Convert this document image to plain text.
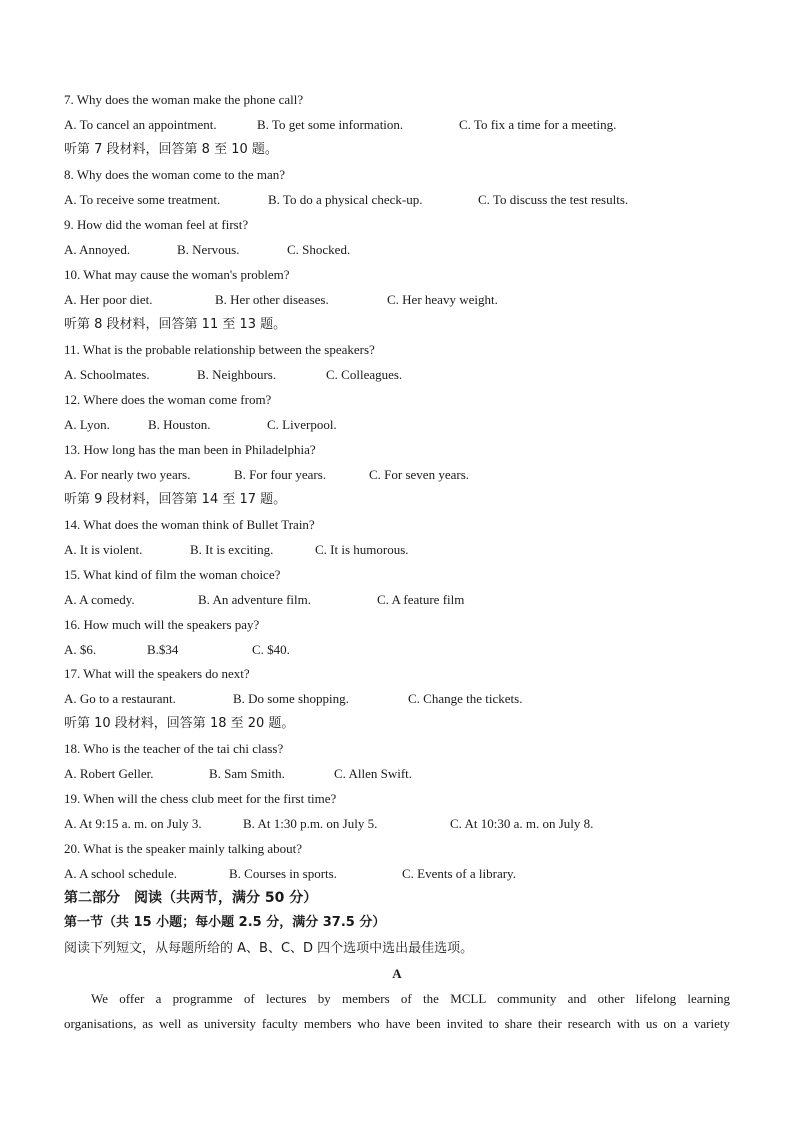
7. Why does the woman make the phone call?
A. To cancel an appointment.	B. To get some information.	C. To fix a time for a meeting.
听第 7 段材料，回答第 8 至 10 题。
8. Why does the woman come to the man?
A. To receive some treatment.	B. To do a physical check-up.	C. To discuss the test results.
9. How did the woman feel at first?
A. Annoyed.	B. Nervous.	C. Shocked.
10. What may cause the woman's problem?
A. Her poor diet.	B. Her other diseases.	C. Her heavy weight.
听第 8 段材料，回答第 11 至 13 题。
11. What is the probable relationship between the speakers?
A. Schoolmates.	B. Neighbours.	C. Colleagues.
12. Where does the woman come from?
A. Lyon.	B. Houston.	C. Liverpool.
13. How long has the man been in Philadelphia?
A. For nearly two years.	B. For four years.	C. For seven years.
听第 9 段材料，回答第 14 至 17 题。
14. What does the woman think of Bullet Train?
A. It is violent.	B. It is exciting.	C. It is humorous.
15. What kind of film the woman choice?
A. A comedy.	B. An adventure film.	C. A feature film
16. How much will the speakers pay?
A. $6.	B.$34	C. $40.
17. What will the speakers do next?
A. Go to a restaurant.	B. Do some shopping.	C. Change the tickets.
听第 10 段材料，回答第 18 至 20 题。
18. Who is the teacher of the tai chi class?
A. Robert Geller.	B. Sam Smith.	C. Allen Swift.
19. When will the chess club meet for the first time?
A. At 9:15 a. m. on July 3.	B. At 1:30 p.m. on July 5.	C. At 10:30 a. m. on July 8.
20. What is the speaker mainly talking about?
A. A school schedule.	B. Courses in sports.	C. Events of a library.
第二部分　阅读（共两节，满分 50 分）
第一节（共 15 小题；每小题 2.5 分，满分 37.5 分）
阅读下列短文，从每题所给的 A、B、C、D 四个选项中选出最佳选项。
A
We offer a programme of lectures by members of the MCLL community and other lifelong learning
organisations, as well as university faculty members who have been invited to share their research with us on a variety
